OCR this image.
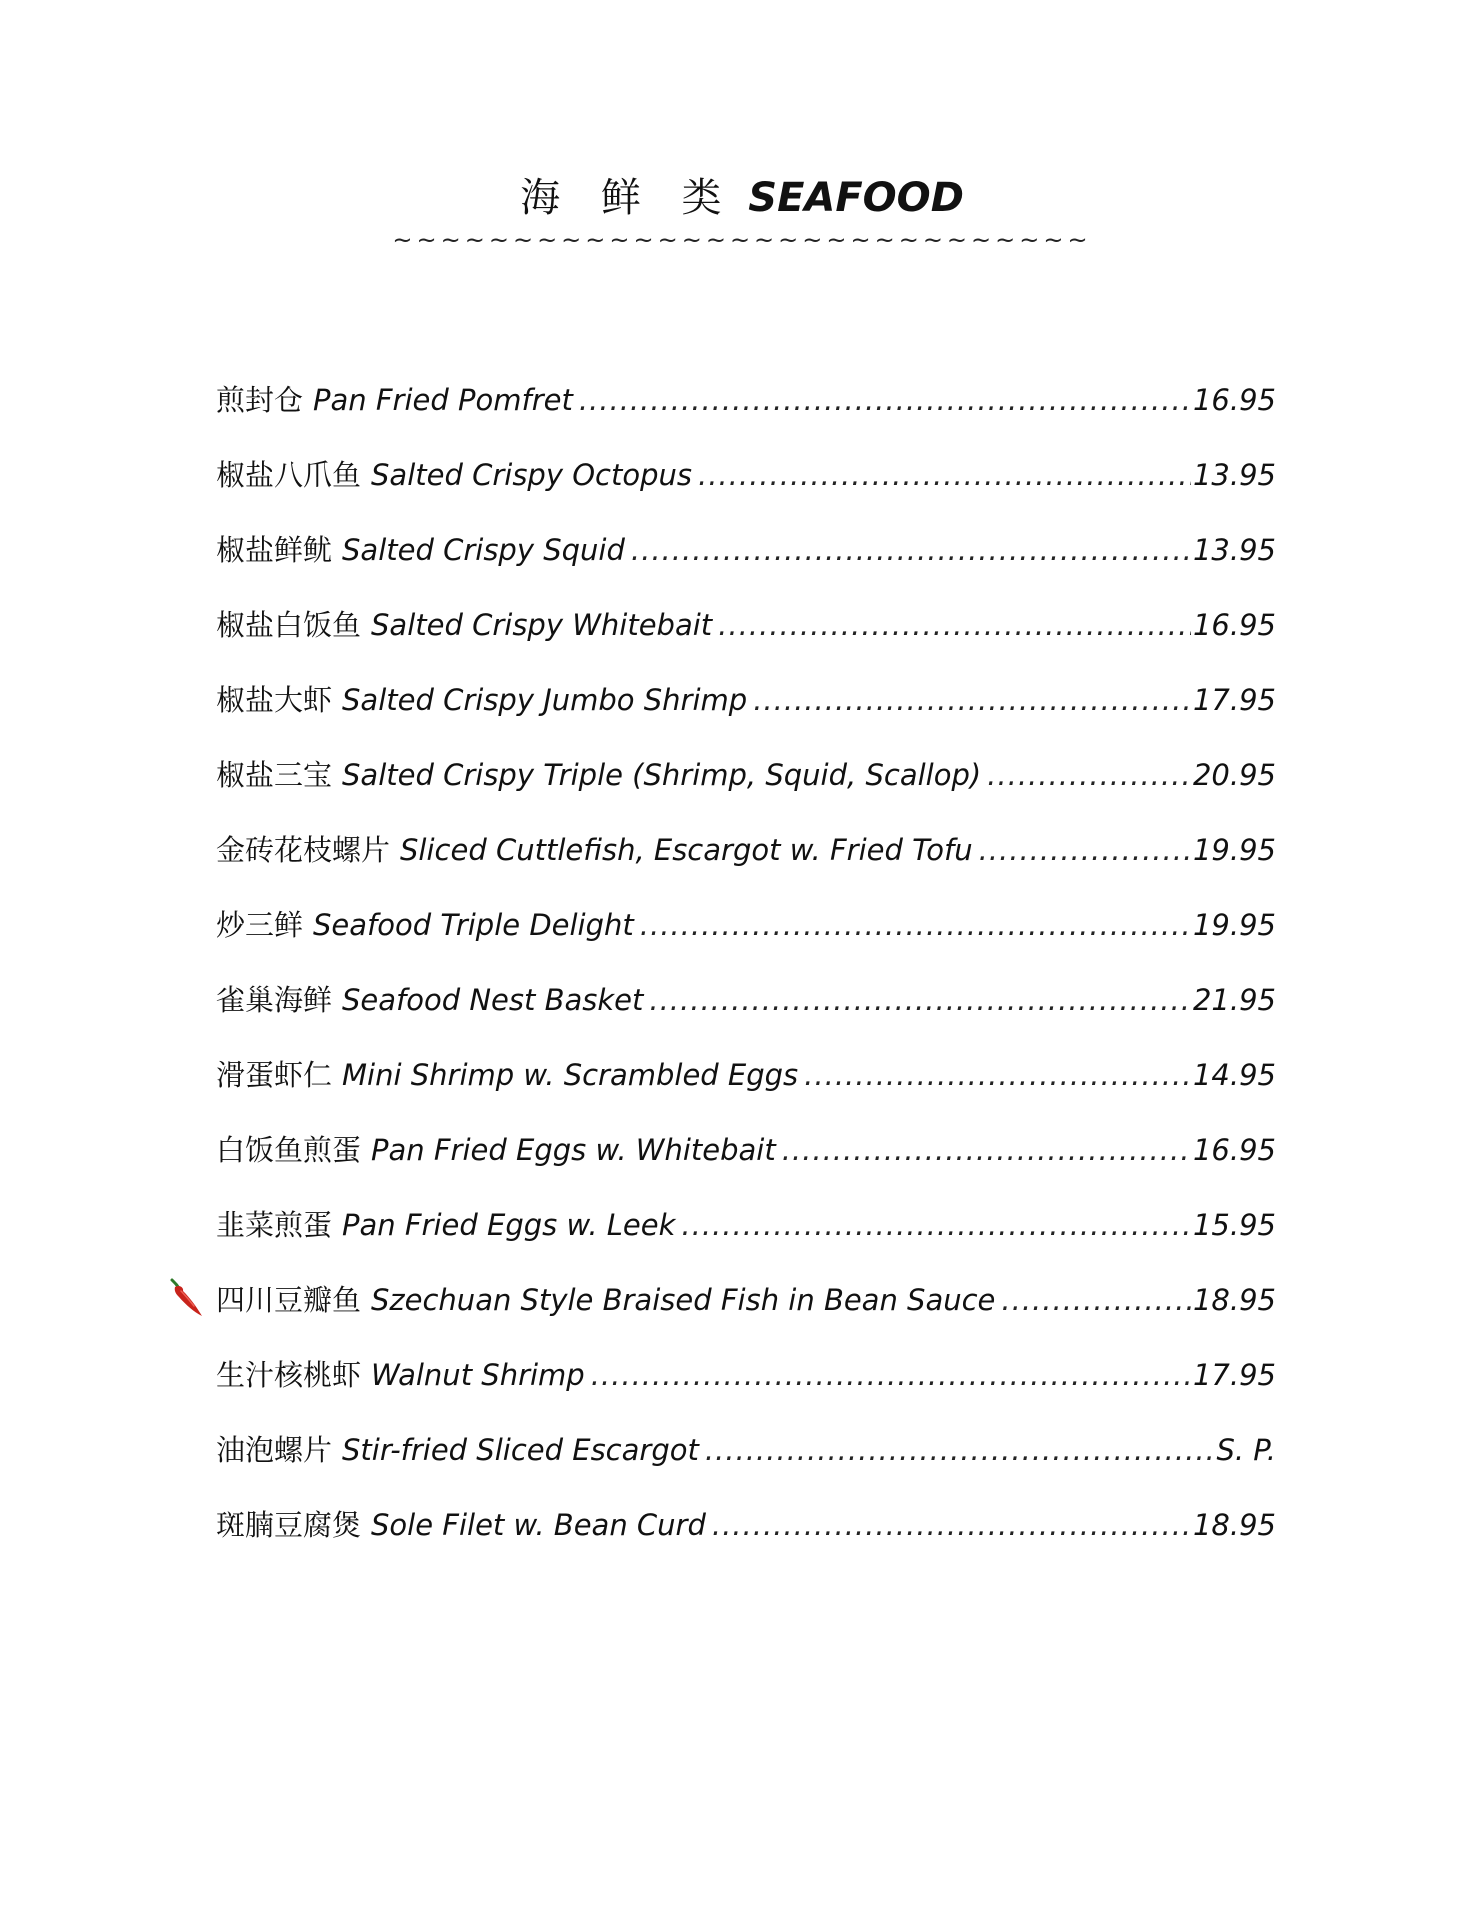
海 鲜 类 SEAFOOD
~~~~~~~~~~~~~~~~~~~~~~~~~~~~~
煎封仓 Pan Fried Pomfret .....	16.95
椒盐八爪鱼 Salted Crispy Octopus .....	13.95
椒盐鲜鱿 Salted Crispy Squid .....	13.95
椒盐白饭鱼 Salted Crispy Whitebait .....	16.95
椒盐大虾 Salted Crispy Jumbo Shrimp .....	17.95
椒盐三宝 Salted Crispy Triple (Shrimp, Squid, Scallop) .....	20.95
金砖花枝螺片 Sliced Cuttlefish, Escargot w. Fried Tofu .....	19.95
炒三鲜 Seafood Triple Delight .....	19.95
雀巢海鲜 Seafood Nest Basket .....	21.95
滑蛋虾仁 Mini Shrimp w. Scrambled Eggs .....	14.95
白饭鱼煎蛋 Pan Fried Eggs w. Whitebait .....	16.95
韭菜煎蛋 Pan Fried Eggs w. Leek .....	15.95
四川豆瓣鱼 Szechuan Style Braised Fish in Bean Sauce .....	18.95
生汁核桃虾 Walnut Shrimp .....	17.95
油泡螺片 Stir-fried Sliced Escargot .....	S. P.
斑腩豆腐煲 Sole Filet w. Bean Curd .....	18.95
